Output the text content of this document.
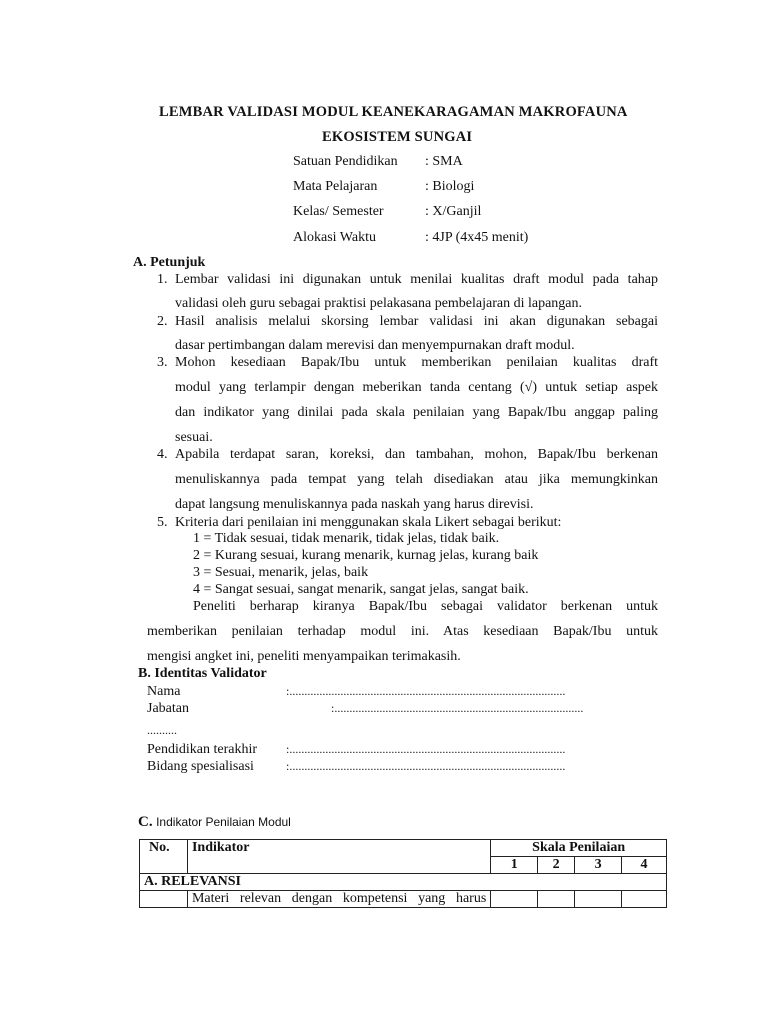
LEMBAR VALIDASI MODUL KEANEKARAGAMAN MAKROFAUNA
EKOSISTEM SUNGAI
Satuan Pendidikan : SMA
Mata Pelajaran	: Biologi
Kelas/ Semester	: X/Ganjil
Alokasi Waktu	: 4JP (4x45 menit)
A. Petunjuk
1. Lembar validasi ini digunakan untuk menilai kualitas draft modul pada tahap
validasi oleh guru sebagai praktisi pelakasana pembelajaran di lapangan.
2. Hasil analisis melalui skorsing lembar validasi ini akan digunakan sebagai
dasar pertimbangan dalam merevisi dan menyempurnakan draft modul.
3. Mohon kesediaan Bapak/Ibu untuk memberikan penilaian kualitas draft
modul yang terlampir dengan meberikan tanda centang (√) untuk setiap aspek
dan indikator yang dinilai pada skala penilaian yang Bapak/Ibu anggap paling
sesuai.
4. Apabila terdapat saran, koreksi, dan tambahan, mohon, Bapak/Ibu berkenan
menuliskannya pada tempat yang telah disediakan atau jika memungkinkan
dapat langsung menuliskannya pada naskah yang harus direvisi.
5. Kriteria dari penilaian ini menggunakan skala Likert sebagai berikut:
1 = Tidak sesuai, tidak menarik, tidak jelas, tidak baik.
2 = Kurang sesuai, kurang menarik, kurnag jelas, kurang baik
3 = Sesuai, menarik, jelas, baik
4 = Sangat sesuai, sangat menarik, sangat jelas, sangat baik.
Peneliti berharap kiranya Bapak/Ibu sebagai validator berkenan untuk
memberikan penilaian terhadap modul ini. Atas kesediaan Bapak/Ibu untuk
mengisi angket ini, peneliti menyampaikan terimakasih.
B. Identitas Validator
Nama	:............................................................................................
Jabatan	:...................................................................................
..........
Pendidikan terakhir :............................................................................................
Bidang spesialisasi	:............................................................................................
C. Indikator Penilaian Modul
No.	Indikator	Skala Penilaian			
		1	2	3	4
A. RELEVANSI					
	Materi relevan dengan kompetensi yang harus				
